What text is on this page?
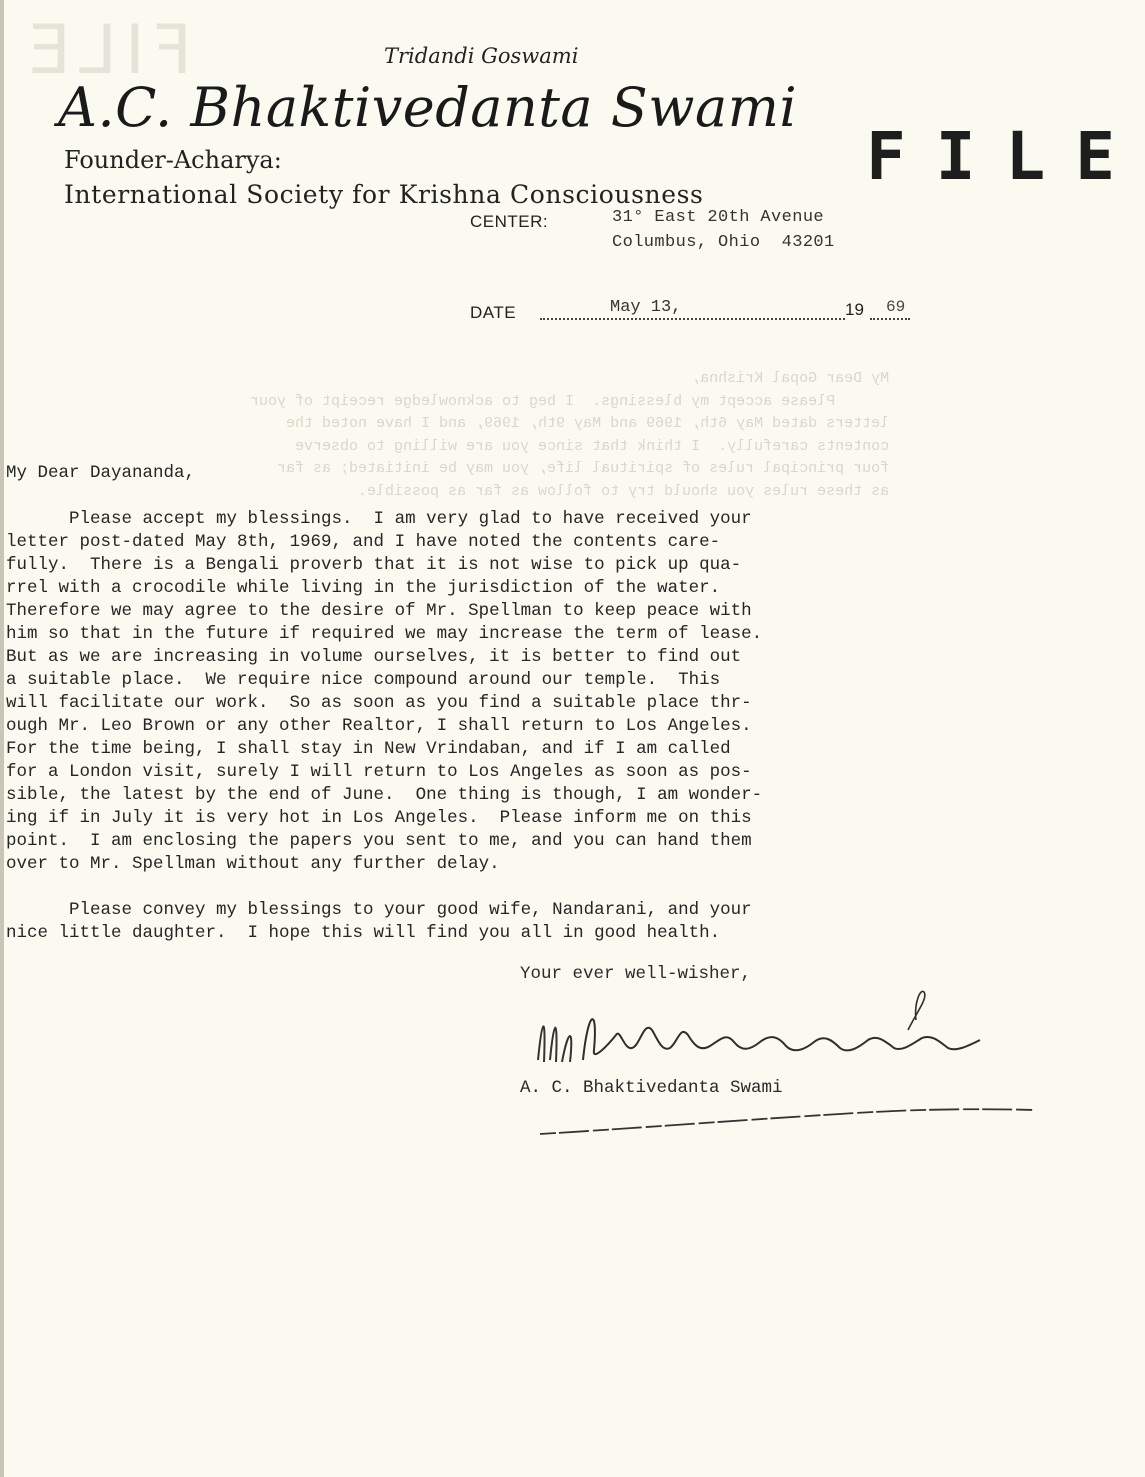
FILE
My Dear Gopal Krishna,
Please accept my blessings.  I beg to acknowledge receipt of your
letters dated May 6th, 1969 and May 9th, 1969, and I have noted the
contents carefully.  I think that since you are willing to observe
four principal rules of spiritual life, you may be initiated; as far
as these rules you should try to follow as far as possible.
Tridandi Goswami
A.C. Bhaktivedanta Swami
Founder-Acharya:
International Society for Krishna Consciousness
CENTER:	31° East 20th Avenue
Columbus, Ohio  43201
FILE
DATE	May 13,	19 69
My Dear Dayananda,
Please accept my blessings.  I am very glad to have received your
letter post-dated May 8th, 1969, and I have noted the contents care-
fully.  There is a Bengali proverb that it is not wise to pick up qua-
rrel with a crocodile while living in the jurisdiction of the water.
Therefore we may agree to the desire of Mr. Spellman to keep peace with
him so that in the future if required we may increase the term of lease.
But as we are increasing in volume ourselves, it is better to find out
a suitable place.  We require nice compound around our temple.  This
will facilitate our work.  So as soon as you find a suitable place thr-
ough Mr. Leo Brown or any other Realtor, I shall return to Los Angeles.
For the time being, I shall stay in New Vrindaban, and if I am called
for a London visit, surely I will return to Los Angeles as soon as pos-
sible, the latest by the end of June.  One thing is though, I am wonder-
ing if in July it is very hot in Los Angeles.  Please inform me on this
point.  I am enclosing the papers you sent to me, and you can hand them
over to Mr. Spellman without any further delay.
Please convey my blessings to your good wife, Nandarani, and your
nice little daughter.  I hope this will find you all in good health.
Your ever well-wisher,
A. C. Bhaktivedanta Swami
